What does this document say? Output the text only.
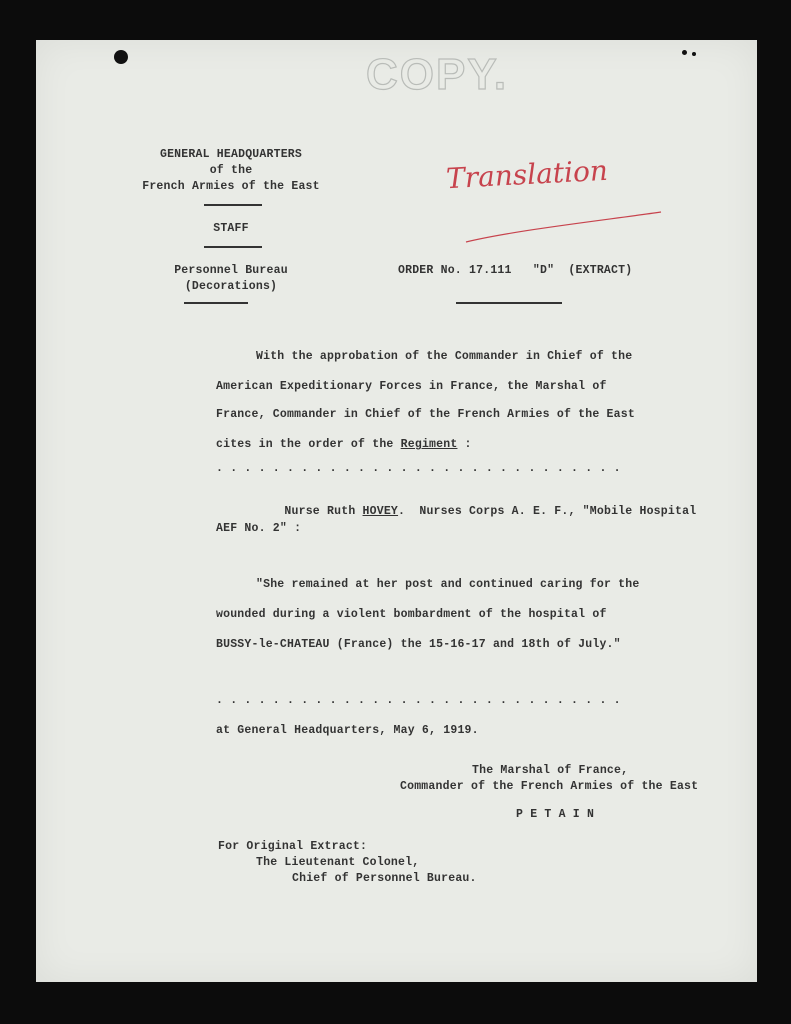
COPY.
Translation
GENERAL HEADQUARTERS
of the
French Armies of the East
STAFF
Personnel Bureau
(Decorations)
ORDER No. 17.111   "D"  (EXTRACT)
With the approbation of the Commander in Chief of the
American Expeditionary Forces in France, the Marshal of
France, Commander in Chief of the French Armies of the East
cites in the order of the Regiment :
. . . . . . . . . . . . . . . . . . . . . . . . . . . . .

Nurse Ruth HOVEY.  Nurses Corps A. E. F., "Mobile Hospital

AEF No. 2" :
"She remained at her post and continued caring for the
wounded during a violent bombardment of the hospital of
BUSSY-le-CHATEAU (France) the 15-16-17 and 18th of July."
. . . . . . . . . . . . . . . . . . . . . . . . . . . . .
at General Headquarters, May 6, 1919.
The Marshal of France,
Commander of the French Armies of the East
P E T A I N
For Original Extract:
The Lieutenant Colonel,
Chief of Personnel Bureau.
